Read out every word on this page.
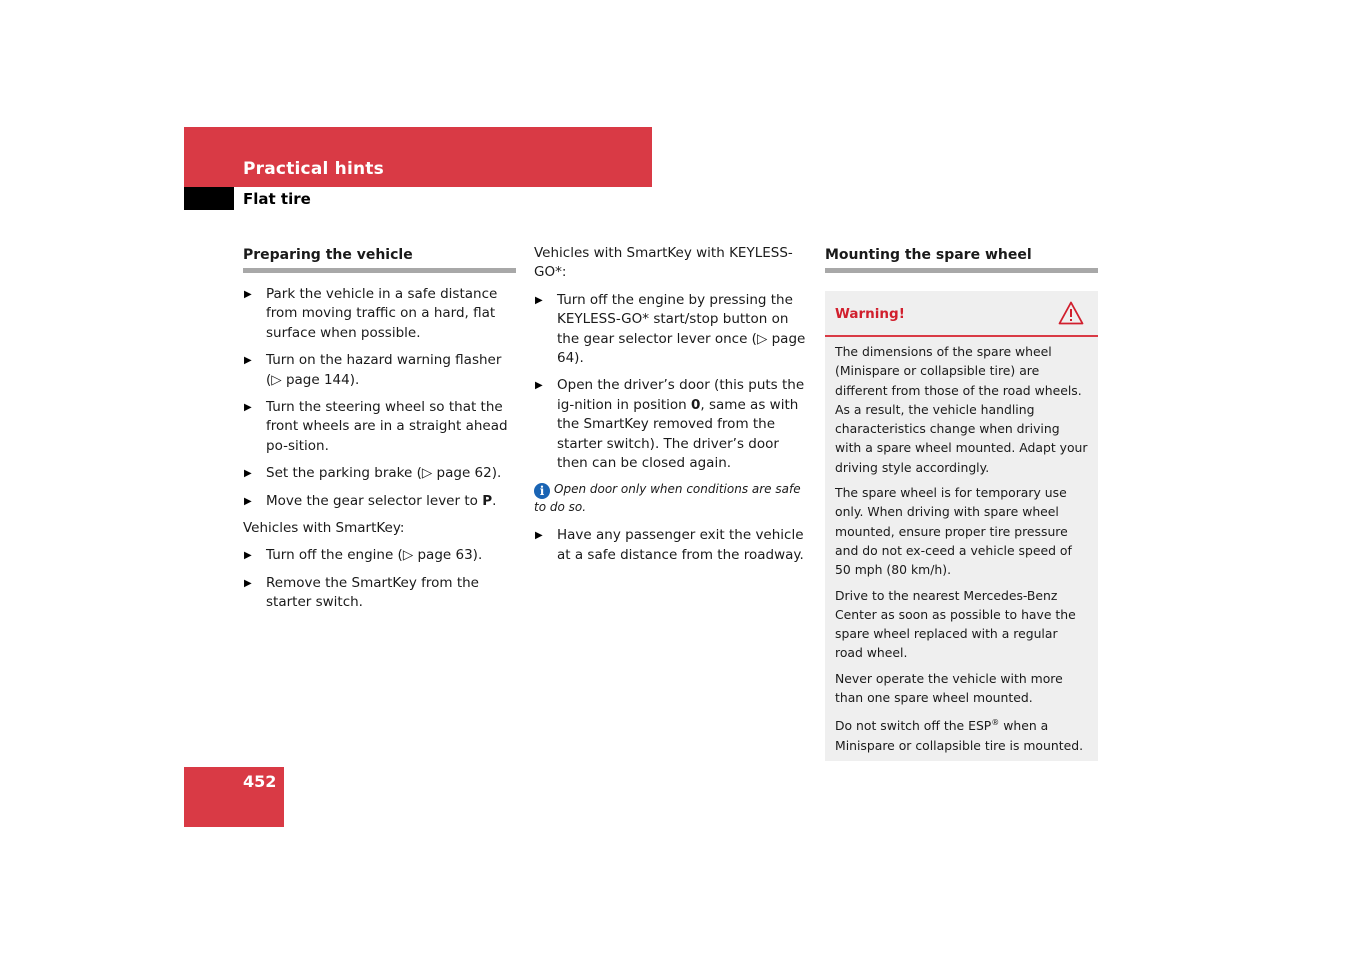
Practical hints
Flat tire
Preparing the vehicle
▶ Park the vehicle in a safe distance from moving traffic on a hard, flat surface when possible.
▶ Turn on the hazard warning flasher (▷ page 144).
▶ Turn the steering wheel so that the front wheels are in a straight ahead po-sition.
▶ Set the parking brake (▷ page 62).
▶ Move the gear selector lever to P.

Vehicles with SmartKey:

▶ Turn off the engine (▷ page 63).
▶ Remove the SmartKey from the starter switch.

Vehicles with SmartKey with KEYLESS-GO*:

▶ Turn off the engine by pressing the KEYLESS-GO* start/stop button on the gear selector lever once (▷ page 64).
▶ Open the driver’s door (this puts the ig-nition in position 0, same as with the SmartKey removed from the starter switch). The driver’s door then can be closed again.
i Open door only when conditions are safe to do so.
▶ Have any passenger exit the vehicle at a safe distance from the roadway.
Mounting the spare wheel
Warning!

The dimensions of the spare wheel (Minispare or collapsible tire) are different from those of the road wheels. As a result, the vehicle handling characteristics change when driving with a spare wheel mounted. Adapt your driving style accordingly.

The spare wheel is for temporary use only. When driving with spare wheel mounted, ensure proper tire pressure and do not ex-ceed a vehicle speed of 50 mph (80 km/h).

Drive to the nearest Mercedes-Benz Center as soon as possible to have the spare wheel replaced with a regular road wheel.

Never operate the vehicle with more than one spare wheel mounted.

Do not switch off the ESP® when a Minispare or collapsible tire is mounted.

452
